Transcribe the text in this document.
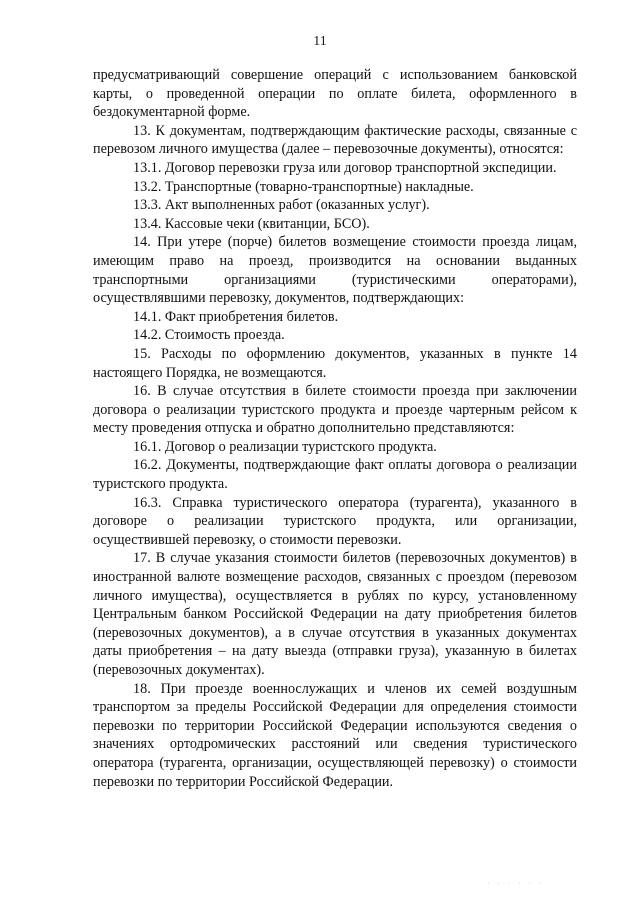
11

предусматривающий совершение операций с использованием банковской карты, о проведенной операции по оплате билета, оформленного в бездокументарной форме.

13. К документам, подтверждающим фактические расходы, связанные с перевозом личного имущества (далее – перевозочные документы), относятся:

13.1. Договор перевозки груза или договор транспортной экспедиции.

13.2. Транспортные (товарно-транспортные) накладные.

13.3. Акт выполненных работ (оказанных услуг).

13.4. Кассовые чеки (квитанции, БСО).

14. При утере (порче) билетов возмещение стоимости проезда лицам, имеющим право на проезд, производится на основании выданных транспортными организациями (туристическими операторами), осуществлявшими перевозку, документов, подтверждающих:

14.1. Факт приобретения билетов.

14.2. Стоимость проезда.

15. Расходы по оформлению документов, указанных в пункте 14 настоящего Порядка, не возмещаются.

16. В случае отсутствия в билете стоимости проезда при заключении договора о реализации туристского продукта и проезде чартерным рейсом к месту проведения отпуска и обратно дополнительно представляются:

16.1. Договор о реализации туристского продукта.

16.2. Документы, подтверждающие факт оплаты договора о реализации туристского продукта.

16.3. Справка туристического оператора (турагента), указанного в договоре о реализации туристского продукта, или организации, осуществившей перевозку, о стоимости перевозки.

17. В случае указания стоимости билетов (перевозочных документов) в иностранной валюте возмещение расходов, связанных с проездом (перевозом личного имущества), осуществляется в рублях по курсу, установленному Центральным банком Российской Федерации на дату приобретения билетов (перевозочных документов), а в случае отсутствия в указанных документах даты приобретения – на дату выезда (отправки груза), указанную в билетах (перевозочных документах).

18. При проезде военнослужащих и членов их семей воздушным транспортом за пределы Российской Федерации для определения стоимости перевозки по территории Российской Федерации используются сведения о значениях ортодромических расстояний или сведения туристического оператора (турагента, организации, осуществляющей перевозку) о стоимости перевозки по территории Российской Федерации.

· · · · · ·
